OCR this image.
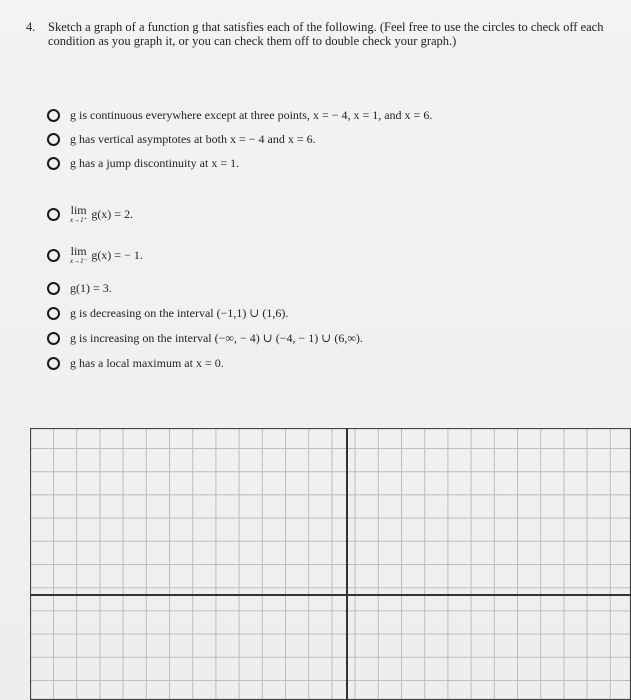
4. Sketch a graph of a function g that satisfies each of the following. (Feel free to use the circles to check off each condition as you graph it, or you can check them off to double check your graph.)
g is continuous everywhere except at three points, x = − 4, x = 1, and x = 6.
g has vertical asymptotes at both x = − 4 and x = 6.
g has a jump discontinuity at x = 1.
lim
x→1⁺ g(x) = 2.
lim
x→1⁻ g(x) = − 1.
g(1) = 3.
g is decreasing on the interval (−1,1) ∪ (1,6).
g is increasing on the interval (−∞, − 4) ∪ (−4, − 1) ∪ (6,∞).
g has a local maximum at x = 0.
